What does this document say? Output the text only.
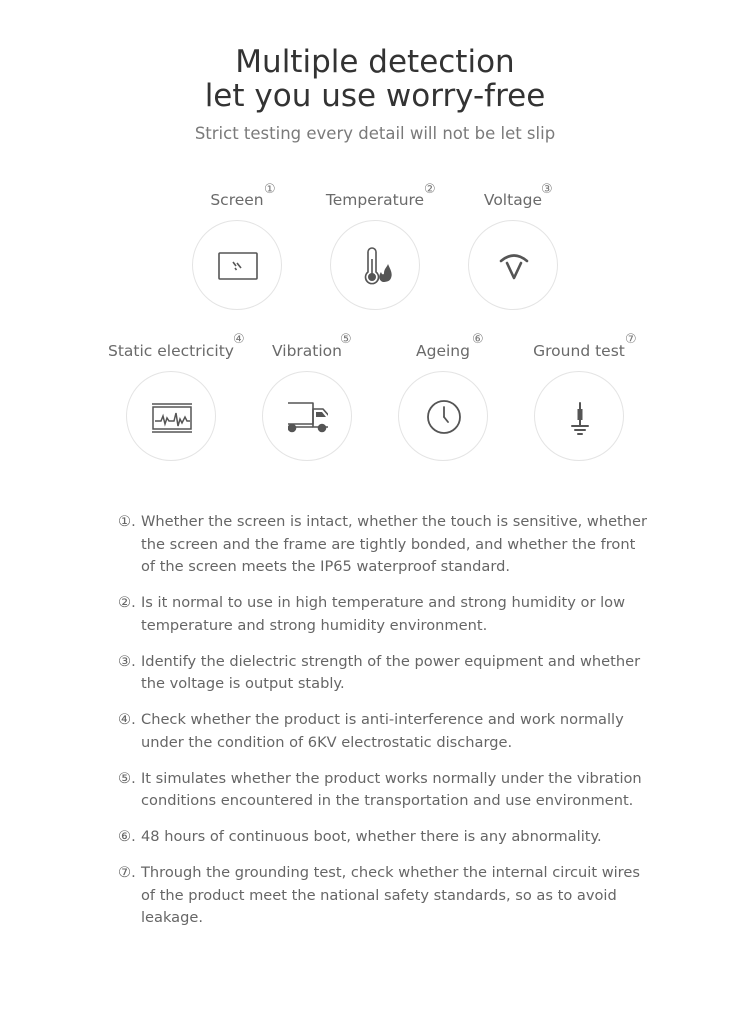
Multiple detection
let you use worry-free
Strict testing every detail will not be let slip
Screen
①
Temperature
②
Voltage
③
Static electricity
④
Vibration
⑤
Ageing
⑥
Ground test
⑦
①. Whether the screen is intact, whether the touch is sensitive, whether the screen and the frame are tightly bonded, and whether the front of the screen meets the IP65 waterproof standard.
②. Is it normal to use in high temperature and strong humidity or low temperature and strong humidity environment.
③. Identify the dielectric strength of the power equipment and whether the voltage is output stably.
④. Check whether the product is anti-interference and work normally under the condition of 6KV electrostatic discharge.
⑤. It simulates whether the product works normally under the vibration conditions encountered in the transportation and use environment.
⑥. 48 hours of continuous boot, whether there is any abnormality.
⑦. Through the grounding test, check whether the internal circuit wires of the product meet the national safety standards, so as to avoid leakage.
